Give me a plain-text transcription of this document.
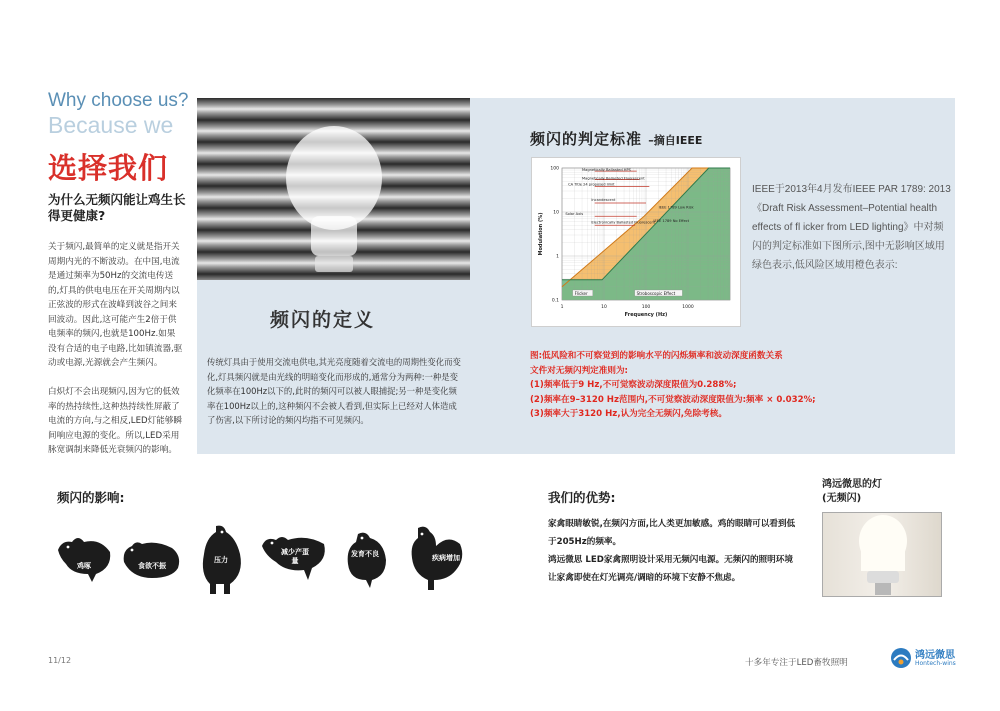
Why choose us?
Because we
选择我们
为什么无频闪能让鸡生长得更健康?
关于频闪,最简单的定义就是指开关周期内光的不断波动。在中国,电流是通过频率为50Hz的交流电传送的,灯具的供电电压在开关周期内以正弦波的形式在波峰到波谷之间来回波动。因此,这可能产生2倍于供电频率的频闪,也就是100Hz.如果没有合适的电子电路,比如镇流器,驱动或电源,光源就会产生频闪。
白炽灯不会出现频闪,因为它的低效率的热持续性,这种热持续性屏蔽了电流的方向,与之相反,LED灯能够瞬间响应电源的变化。所以,LED采用脉宽调制来降低光衰频闪的影响。
频闪的定义
传统灯具由于使用交流电供电,其光亮度随着交流电的周期性变化而变化,灯具频闪就是由光线的明暗变化而形成的,通常分为两种:一种是变化频率在100Hz以下的,此时的频闪可以被人眼捕捉;另一种是变化频率在100Hz以上的,这种频闪不会被人看到,但实际上已经对人体造成了伤害,以下所讨论的频闪均指不可见频闪。
频闪的判定标准 –摘自IEEE
Magnetically Ballasted HPS
Magnetically Ballasted Fluorescent
CA Title 24 proposed limit
Incandescent
Solar Axis
Electronically Ballasted Fluorescent
IEEE 1789 Low Risk
IEEE 1789 No Effect
Flicker	Stroboscopic Effect
1	10	100	1000
100
10
1
0.1
Frequency (Hz)
Modulation (%)
IEEE于2013年4月发布IEEE PAR 1789: 2013《Draft Risk Assessment–Potential health effects of fl icker from LED lighting》中对频闪的判定标准如下图所示,图中无影响区域用绿色表示,低风险区域用橙色表示:
图:低风险和不可察觉到的影响水平的闪烁频率和波动深度函数关系
文件对无频闪判定准则为:
(1)频率低于9 Hz,不可觉察波动深度限值为0.288%;
(2)频率在9–3120 Hz范围内,不可觉察波动深度限值为:频率 × 0.032%;
(3)频率大于3120 Hz,认为完全无频闪,免除考核。
频闪的影响:
鸡啄	食欲不振
压力
减少产蛋量
发育不良	疾病增加
我们的优势:
家禽眼睛敏锐,在频闪方面,比人类更加敏感。鸡的眼睛可以看到低于205Hz的频率。
鸿远微思 LED家禽照明设计采用无频闪电源。无频闪的照明环境让家禽即使在灯光调亮/调暗的环境下安静不焦虑。
鸿远微思的灯
(无频闪)
11/12	十多年专注于LED畜牧照明
鸿远微思
Hontech-wins
